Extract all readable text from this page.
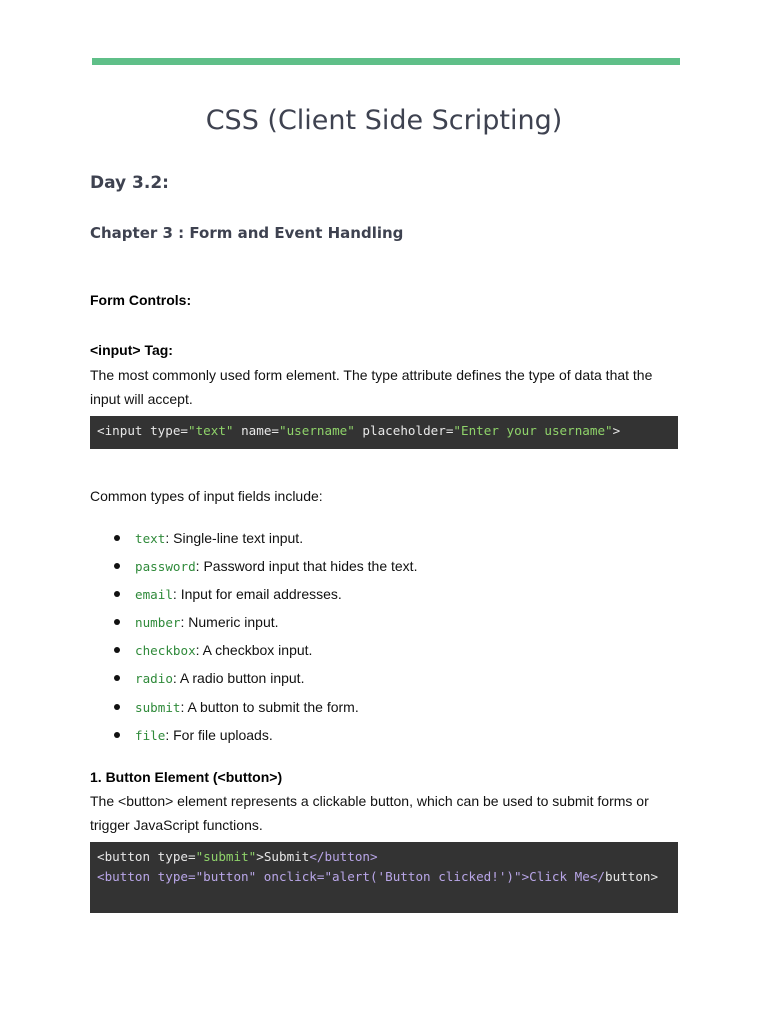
CSS (Client Side Scripting)
Day 3.2:
Chapter 3 : Form and Event Handling

Form Controls:

<input> Tag:

The most commonly used form element. The type attribute defines the type of data that the input will accept.

<input type="text" name="username" placeholder="Enter your username">

Common types of input fields include:

text: Single-line text input.
password: Password input that hides the text.
email: Input for email addresses.
number: Numeric input.
checkbox: A checkbox input.
radio: A radio button input.
submit: A button to submit the form.
file: For file uploads.

1. Button Element (<button>)

The <button> element represents a clickable button, which can be used to submit forms or trigger JavaScript functions.

<button type="submit">Submit</button>
<button type="button" onclick="alert('Button clicked!')">Click Me</button>
